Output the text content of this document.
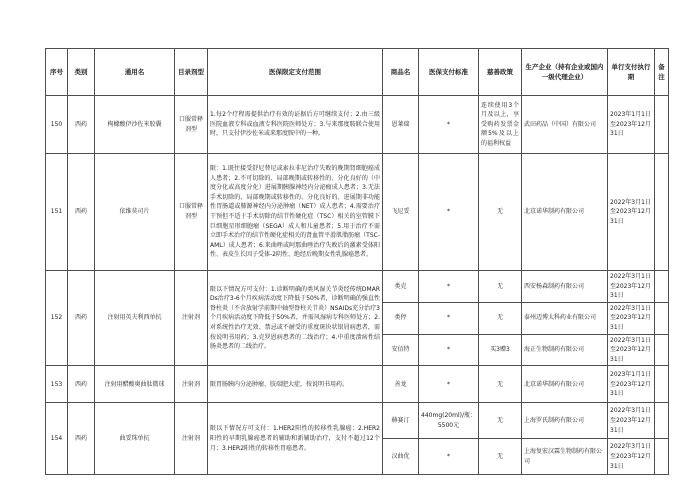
序号	类别	通用名	目录剂型	医保限定支付范围	商品名	医保支付标准	慈善政策	生产企业（持有企业或国内一级代理企业）	单行支付执行期	备注
150	西药	枸橼酸伊沙佐米胶囊	口服常释剂型	1.每2个疗程需提供治疗有效的证据后方可继续支付；2.由三级医院血液专科或血液专科医院医师处方；3.与来那度胺联合使用时，只支付伊沙佐米或来那度胺中的一种。	恩莱瑞	*	连续使用3个月及以上，享受购药发票金额5%及以上的福利权益	武田药品（中国）有限公司	2023年1月1日至2023年12月31日	
151	西药	依维莫司片	口服常释剂型	限：1.既往接受舒尼替尼或索拉非尼治疗失败的晚期肾细胞癌成人患者；2.不可切除的、局部晚期或转移性的、分化良好的（中度分化或高度分化）进展期胰腺神经内分泌瘤成人患者；3.无法手术切除的、局部晚期或转移性的、分化良好的、进展期非功能性胃肠道或肺源神经内分泌肿瘤（NET）成人患者；4.需要治疗干预但不适于手术切除的结节性硬化症（TSC）相关的室管膜下巨细胞星形细胞瘤（SEGA）成人和儿童患者；5.用于治疗不需立即手术治疗的结节性硬化症相关的肾血管平滑肌脂肪瘤（TSC-AML）成人患者；6.来曲唑或阿那曲唑治疗失败后的激素受体阳性、表皮生长因子受体-2阴性、绝经后晚期女性乳腺癌患者。	飞尼妥	*	无	北京诺华制药有限公司	2022年3月1日至2023年12月31日	
152	西药	注射用英夫利西单抗	注射剂	限以下情况方可支付：1.诊断明确的类风湿关节炎经传统DMARDs治疗3-6个月疾病活动度下降低于50%者，诊断明确的强直性脊柱炎（不含放射学前期中轴型脊柱关节炎）NSAIDs充分治疗3个月疾病活动度下降低于50%者，并需风湿病专科医师处方；2.对系统性治疗无效、禁忌或不耐受的重度斑块状银屑病患者，需按说明书用药；3.克罗恩病患者的二线治疗；4.中重度溃疡性结肠炎患者的二线治疗。	类克	*	无	西安杨森制药有限公司	2022年3月1日至2023年12月31日	
					类停	*	无	泰州迈博太科药业有限公司	2022年3月1日至2023年12月31日	
					安佰特	*	买3赠3	海正生物制药有限公司	2022年3月1日至2023年12月31日	
153	西药	注射用醋酸奥曲肽微球	注射剂	限胃肠胰内分泌肿瘤、肢端肥大症，按说明书用药。	善龙	*	无	北京诺华制药有限公司	2023年1月1日至2023年12月31日	
154	西药	曲妥珠单抗	注射剂	限以下情况方可支付：1.HER2阳性的转移性乳腺癌；2.HER2阳性的早期乳腺癌患者的辅助和新辅助治疗，支付不超过12个月；3.HER2阳性的转移性胃癌患者。	赫赛汀	440mg(20ml)/瓶：5500元	无	上海罗氏制药有限公司	2022年3月1日至2023年12月31日	
					汉曲优	*	无	上海复宏汉霖生物制药有限公司	2022年3月1日至2023年12月31日	
